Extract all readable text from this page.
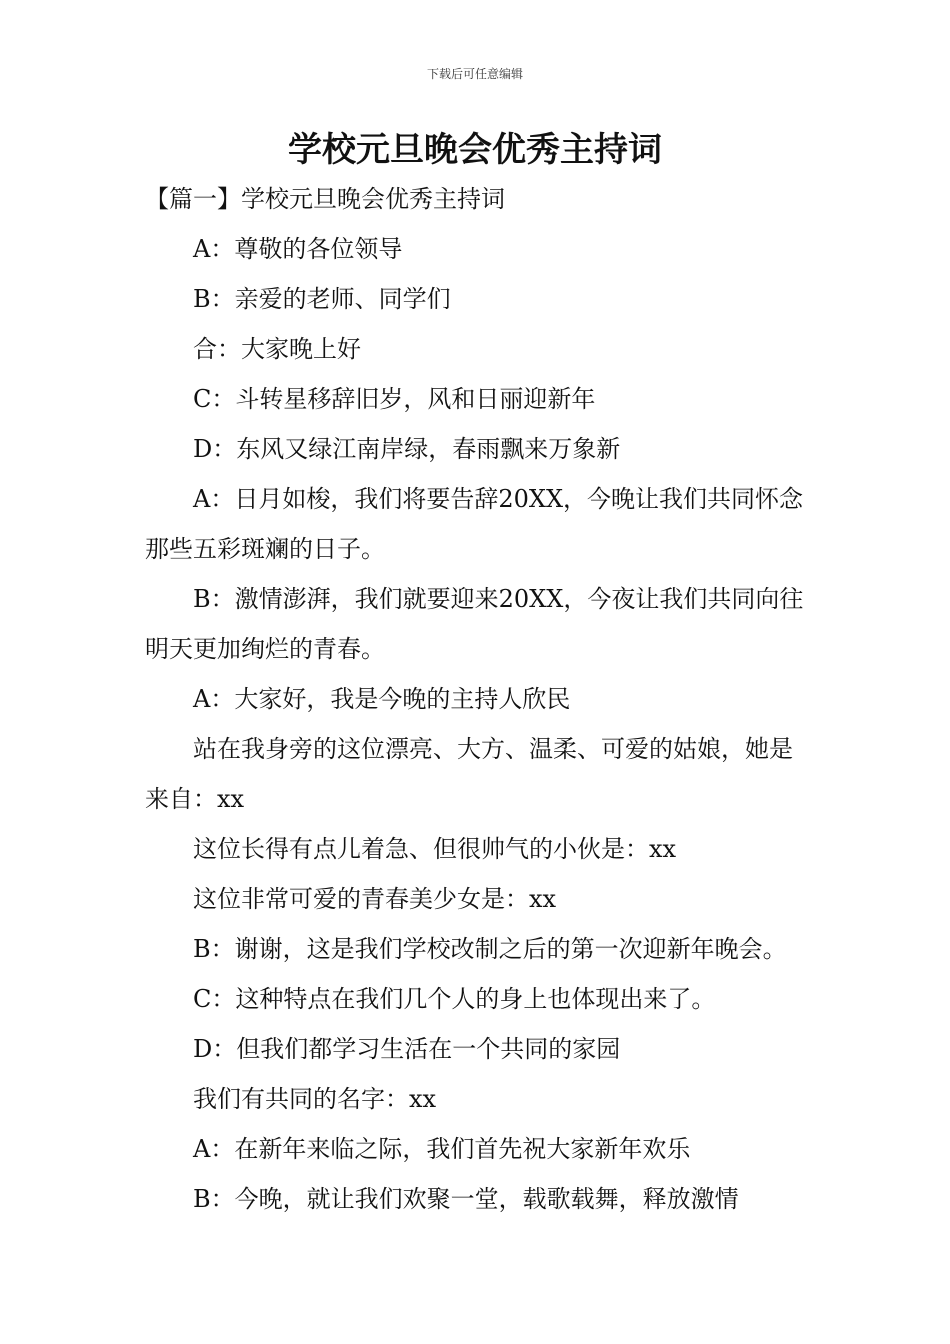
下载后可任意编辑
学校元旦晚会优秀主持词

【篇一】学校元旦晚会优秀主持词

A：尊敬的各位领导

B：亲爱的老师、同学们

合：大家晚上好

C：斗转星移辞旧岁，风和日丽迎新年

D：东风又绿江南岸绿，春雨飘来万象新

A：日月如梭，我们将要告辞20XX，今晚让我们共同怀念那些五彩斑斓的日子。

B：激情澎湃，我们就要迎来20XX，今夜让我们共同向往明天更加绚烂的青春。

A：大家好，我是今晚的主持人欣民

站在我身旁的这位漂亮、大方、温柔、可爱的姑娘，她是来自：xx

这位长得有点儿着急、但很帅气的小伙是：xx

这位非常可爱的青春美少女是：xx

B：谢谢，这是我们学校改制之后的第一次迎新年晚会。

C：这种特点在我们几个人的身上也体现出来了。

D：但我们都学习生活在一个共同的家园

我们有共同的名字：xx

A：在新年来临之际，我们首先祝大家新年欢乐

B：今晚，就让我们欢聚一堂，载歌载舞，释放激情
